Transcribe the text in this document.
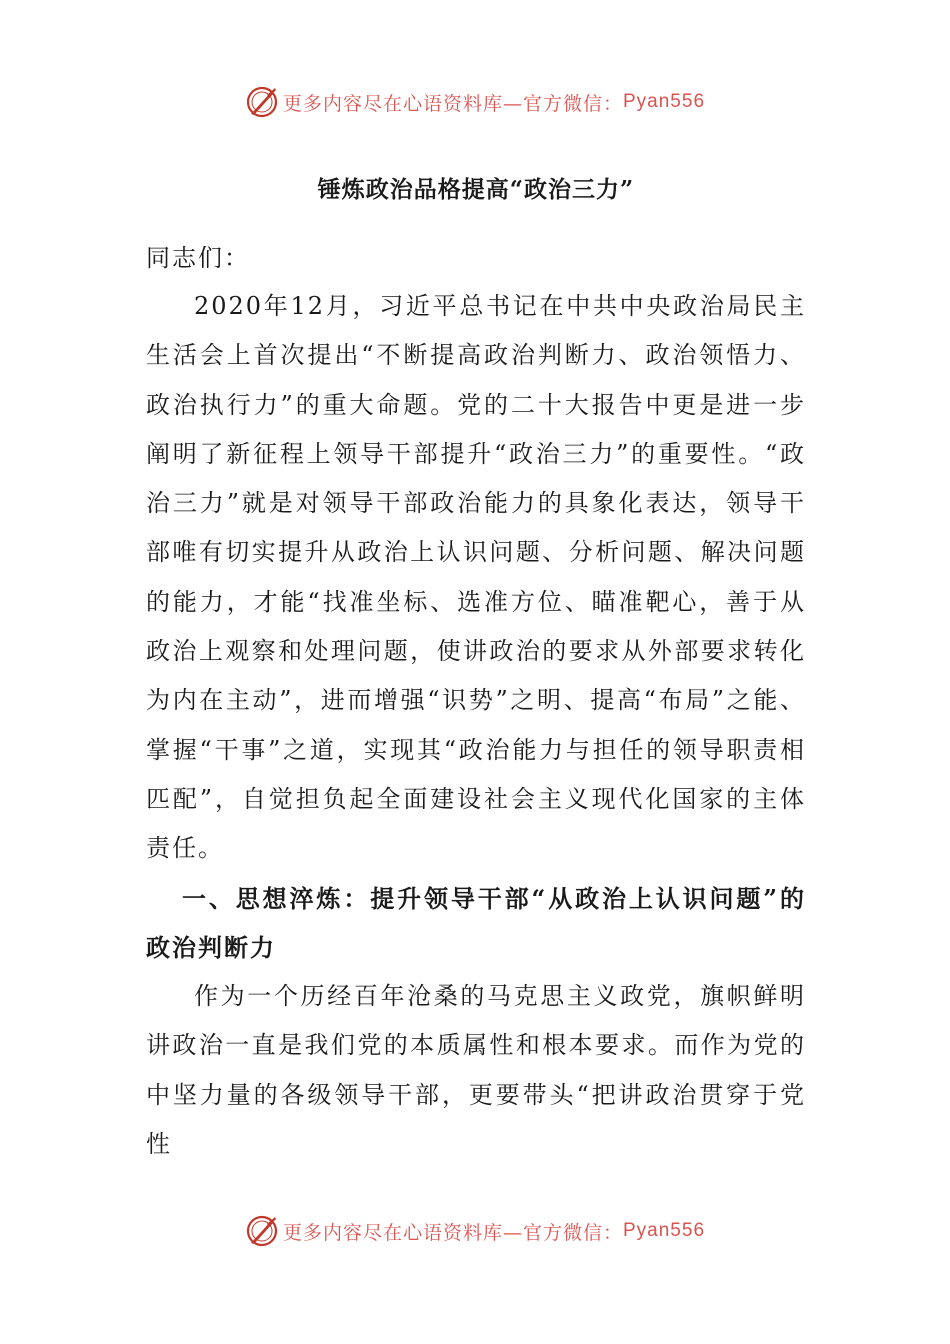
更多内容尽在心语资料库—官方微信： Pyan556
锤炼政治品格提高“政治三力”
同志们：

2020年12月，习近平总书记在中共中央政治局民主生活会上首次提出“不断提高政治判断力、政治领悟力、政治执行力”的重大命题。党的二十大报告中更是进一步阐明了新征程上领导干部提升“政治三力”的重要性。“政治三力”就是对领导干部政治能力的具象化表达，领导干部唯有切实提升从政治上认识问题、分析问题、解决问题的能力，才能“找准坐标、选准方位、瞄准靶心，善于从政治上观察和处理问题，使讲政治的要求从外部要求转化为内在主动”，进而增强“识势”之明、提高“布局”之能、掌握“干事”之道，实现其“政治能力与担任的领导职责相匹配”，自觉担负起全面建设社会主义现代化国家的主体责任。

一、思想淬炼：提升领导干部“从政治上认识问题”的政治判断力

作为一个历经百年沧桑的马克思主义政党，旗帜鲜明讲政治一直是我们党的本质属性和根本要求。而作为党的中坚力量的各级领导干部，更要带头“把讲政治贯穿于党性

更多内容尽在心语资料库—官方微信： Pyan556
